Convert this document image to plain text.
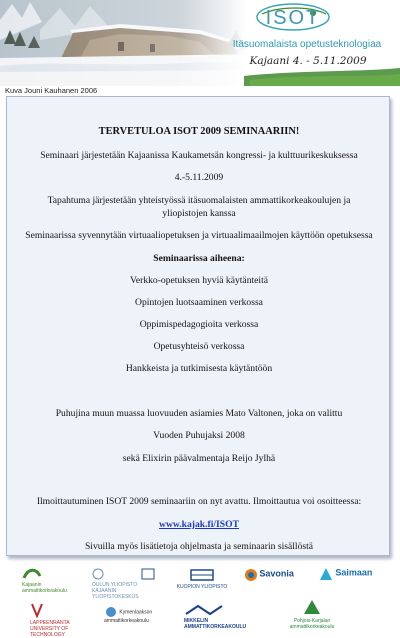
ISOT
Itäsuomalaista opetusteknologiaa
Kajaani 4. - 5.11.2009
Kuva Jouni Kauhanen 2006

TERVETULOA ISOT 2009 SEMINAARIIN!

Seminaari järjestetään Kajaanissa Kaukametsän kongressi- ja kulttuurikeskuksessa

4.-5.11.2009

Tapahtuma järjestetään yhteistyössä itäsuomalaisten ammattikorkeakoulujen ja

yliopistojen kanssa

Seminaarissa syvennytään virtuaaliopetuksen ja virtuaalimaailmojen käyttöön opetuksessa

Seminaarissa aiheena:

Verkko-opetuksen hyviä käytänteitä

Opintojen luotsaaminen verkossa

Oppimispedagogioita verkossa

Opetusyhteisö verkossa

Hankkeista ja tutkimisesta käytäntöön

Puhujina muun muassa luovuuden asiamies Mato Valtonen, joka on valittu

Vuoden Puhujaksi 2008

sekä Elixirin päävalmentaja Reijo Jylhä

Ilmoittautuminen ISOT 2009 seminaariin on nyt avattu. Ilmoittautua voi osoitteessa:

www.kajak.fi/ISOT

Sivuilla myös lisätietoja ohjelmasta ja seminaarin sisällöstä

Kajaanin ammattikorkeakoulu
OULUN YLIOPISTO
KAJAANIN YLIOPISTOKESKUS
KUOPION YLIOPISTO
Savonia	Saimaan
LAPPEENRANTA UNIVERSITY OF TECHNOLOGY
Kymenlaakson ammattikorkeakoulu	MIKKELIN AMMATTIKORKEAKOULU
Pohjois-Karjalan ammattikorkeakoulu
